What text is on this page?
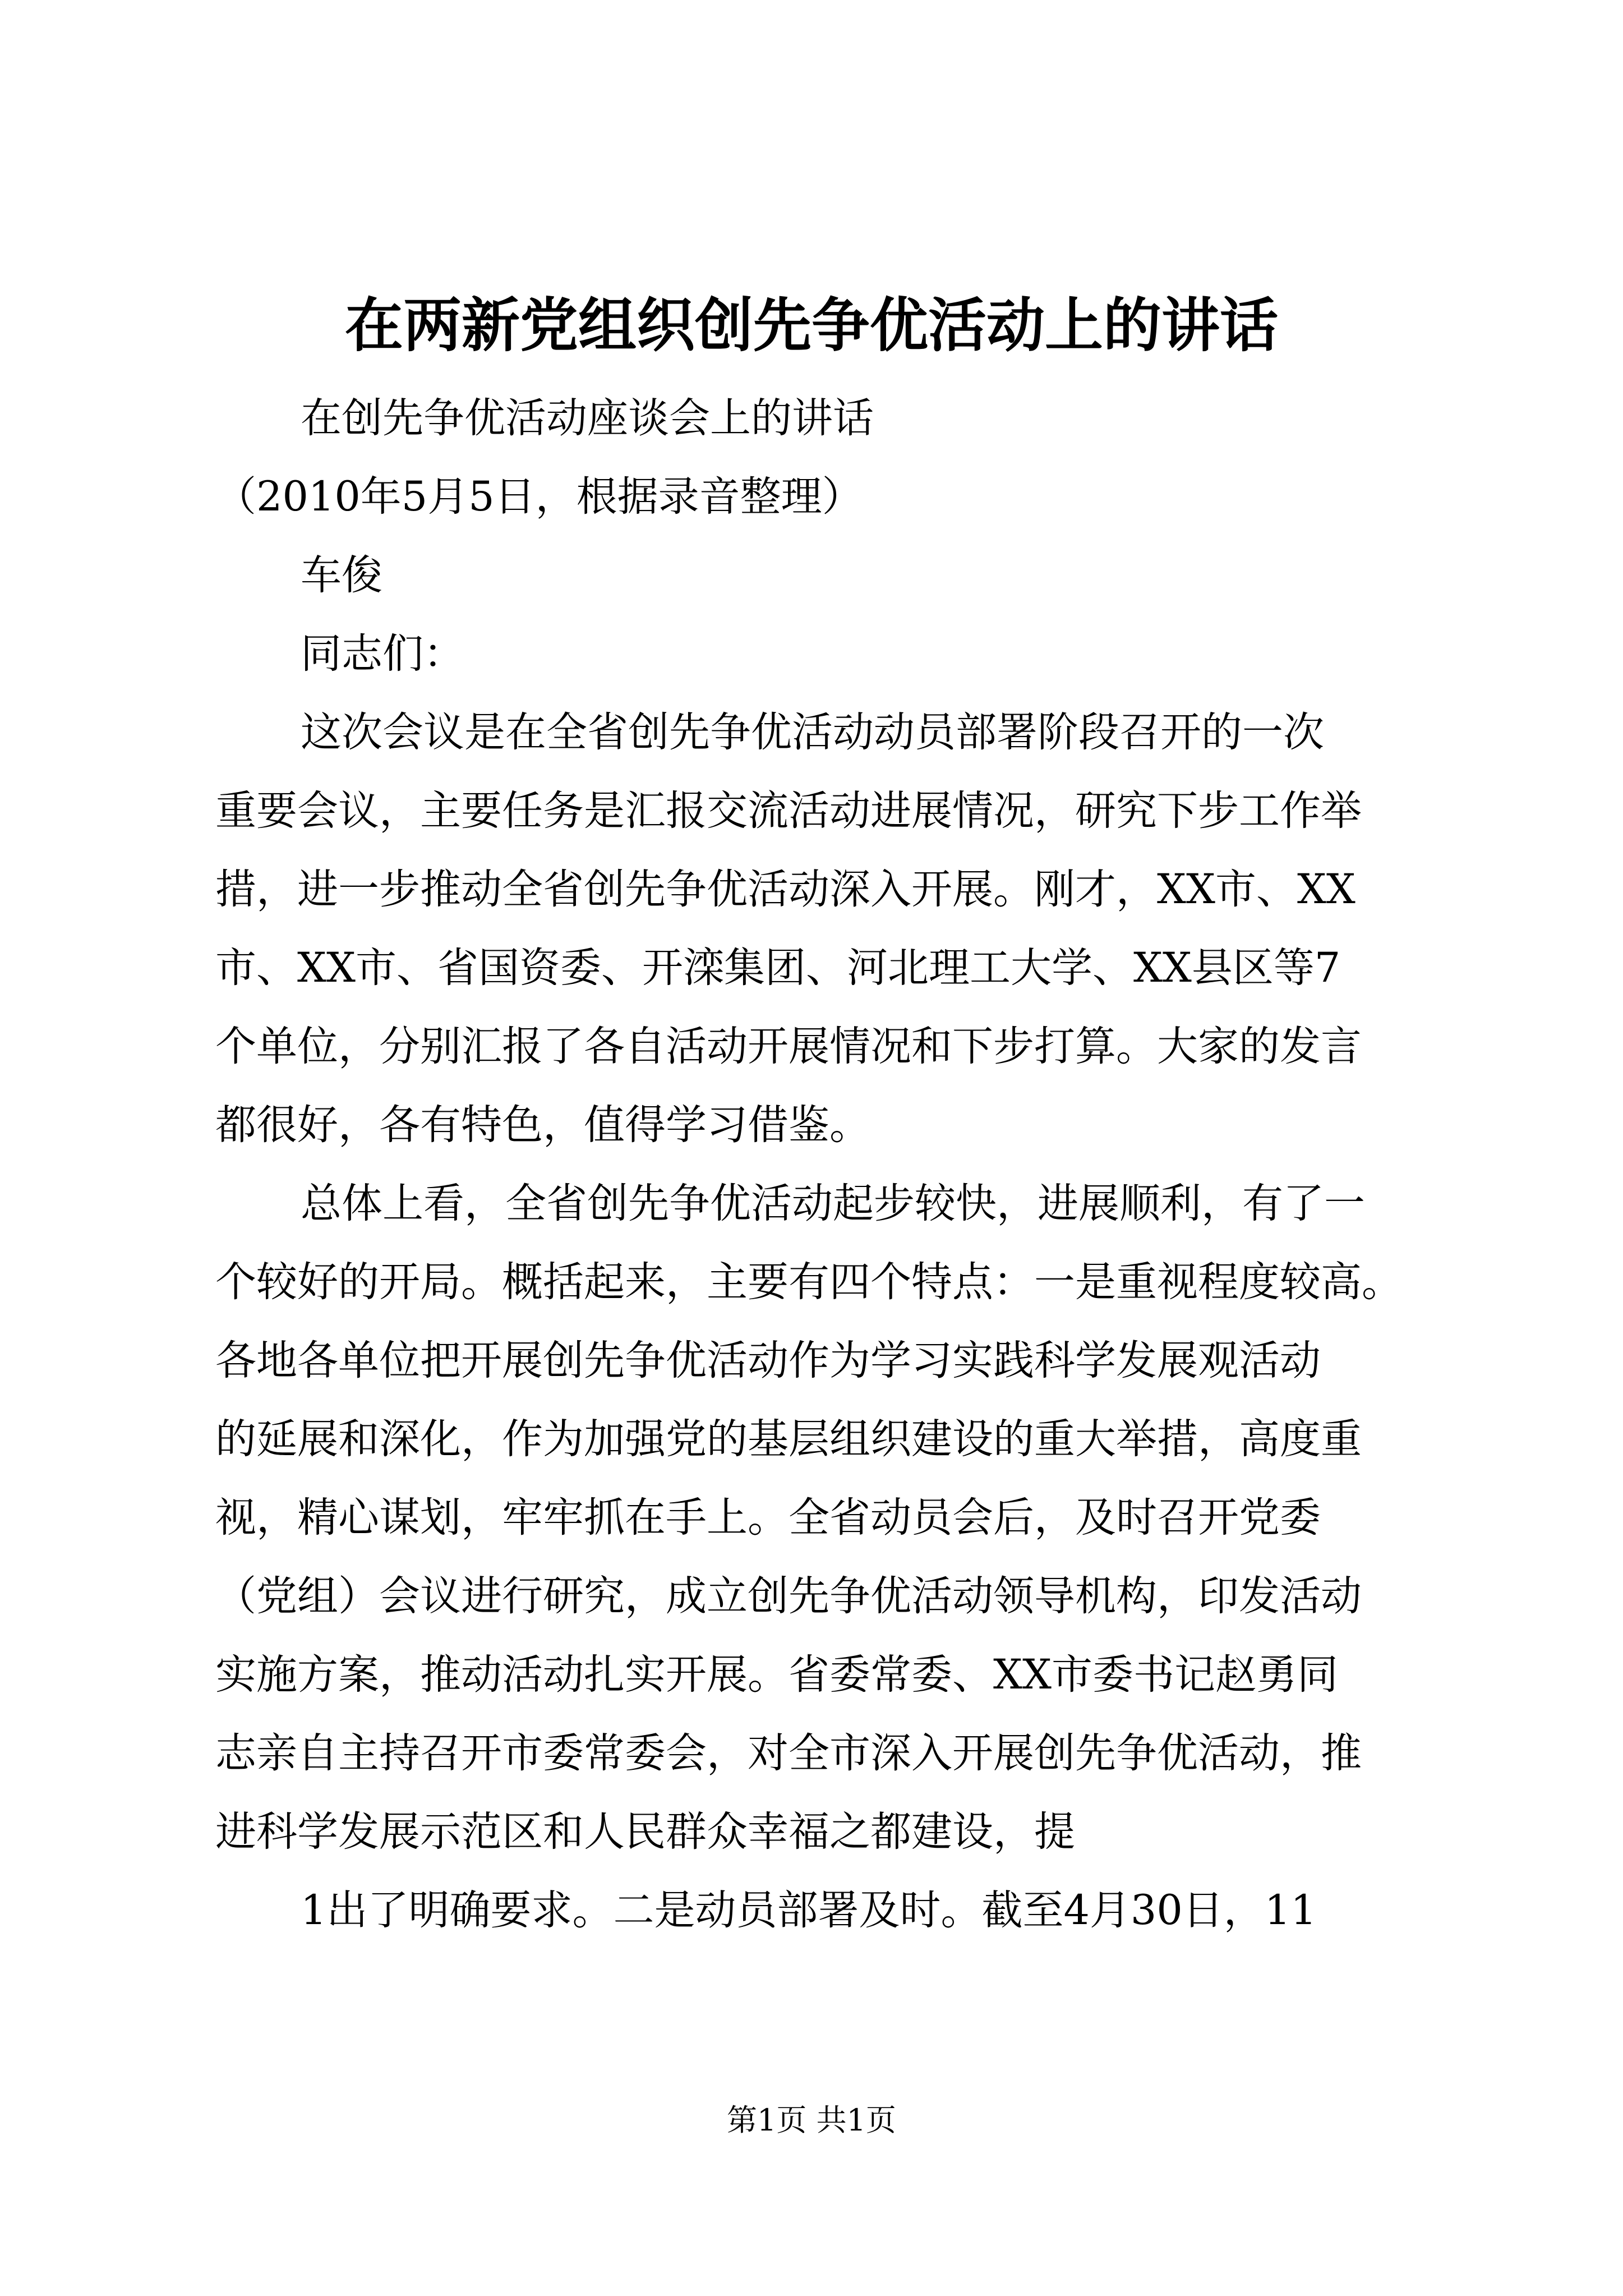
在两新党组织创先争优活动上的讲话
在创先争优活动座谈会上的讲话
（2010年5月5日，根据录音整理）
车俊
同志们：
这次会议是在全省创先争优活动动员部署阶段召开的一次
重要会议，主要任务是汇报交流活动进展情况，研究下步工作举
措，进一步推动全省创先争优活动深入开展。刚才，XX市、XX
市、XX市、省国资委、开滦集团、河北理工大学、XX县区等7
个单位，分别汇报了各自活动开展情况和下步打算。大家的发言
都很好，各有特色，值得学习借鉴。
总体上看，全省创先争优活动起步较快，进展顺利，有了一
个较好的开局。概括起来，主要有四个特点：一是重视程度较高。
各地各单位把开展创先争优活动作为学习实践科学发展观活动
的延展和深化，作为加强党的基层组织建设的重大举措，高度重
视，精心谋划，牢牢抓在手上。全省动员会后，及时召开党委
（党组）会议进行研究，成立创先争优活动领导机构，印发活动
实施方案，推动活动扎实开展。省委常委、XX市委书记赵勇同
志亲自主持召开市委常委会，对全市深入开展创先争优活动，推
进科学发展示范区和人民群众幸福之都建设，提
1出了明确要求。二是动员部署及时。截至4月30日，11
第1页 共1页
